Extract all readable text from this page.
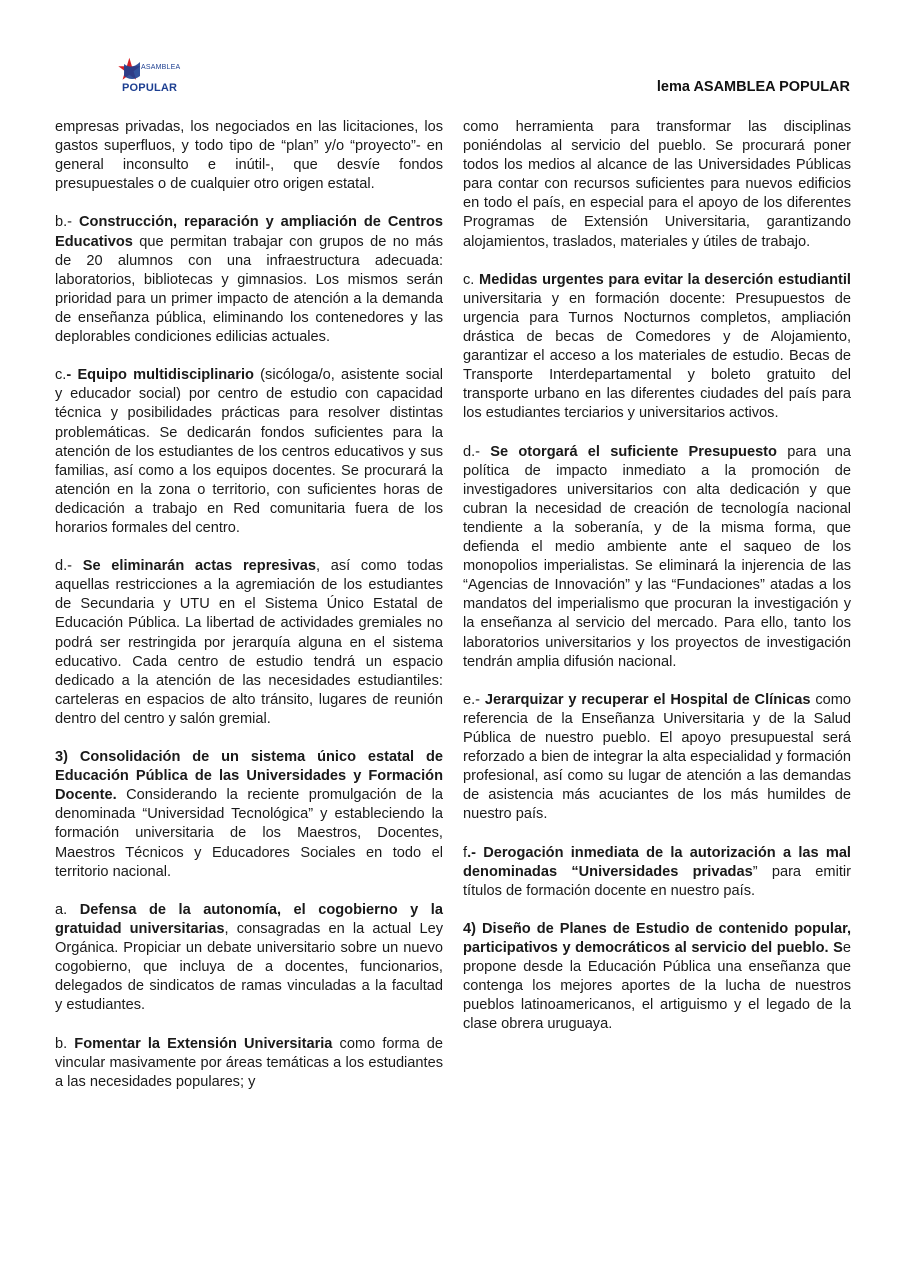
ASAMBLEA
POPULAR	lema ASAMBLEA POPULAR

empresas privadas, los negociados en las licitaciones, los gastos superfluos, y todo tipo de “plan” y/o “proyecto”- en general inconsulto e inútil-, que desvíe fondos presupuestales o de cualquier otro origen estatal.

b.- Construcción, reparación y ampliación de Centros Educativos que permitan trabajar con grupos de no más de 20 alumnos con una infraestructura adecuada: laboratorios, bibliotecas y gimnasios. Los mismos serán prioridad para un primer impacto de atención a la demanda de enseñanza pública, eliminando los contenedores y las deplorables condiciones edilicias actuales.

c.- Equipo multidisciplinario (sicóloga/o, asistente social y educador social) por centro de estudio con capacidad técnica y posibilidades prácticas para resolver distintas problemáticas. Se dedicarán fondos suficientes para la atención de los estudiantes de los centros educativos y sus familias, así como a los equipos docentes. Se procurará la atención en la zona o territorio, con suficientes horas de dedicación a trabajo en Red comunitaria fuera de los horarios formales del centro.

d.- Se eliminarán actas represivas, así como todas aquellas restricciones a la agremiación de los estudiantes de Secundaria y UTU en el Sistema Único Estatal de Educación Pública. La libertad de actividades gremiales no podrá ser restringida por jerarquía alguna en el sistema educativo. Cada centro de estudio tendrá un espacio dedicado a la atención de las necesidades estudiantiles: carteleras en espacios de alto tránsito, lugares de reunión dentro del centro y salón gremial.

3) Consolidación de un sistema único estatal de Educación Pública de las Universidades y Formación Docente. Considerando la reciente promulgación de la denominada “Universidad Tecnológica” y estableciendo la formación universitaria de los Maestros, Docentes, Maestros Técnicos y Educadores Sociales en todo el territorio nacional.

a. Defensa de la autonomía, el cogobierno y la gratuidad universitarias, consagradas en la actual Ley Orgánica. Propiciar un debate universitario sobre un nuevo cogobierno, que incluya de a docentes, funcionarios, delegados de sindicatos de ramas vinculadas a la facultad y estudiantes.

b. Fomentar la Extensión Universitaria como forma de vincular masivamente por áreas temáticas a los estudiantes a las necesidades populares; y

como herramienta para transformar las disciplinas poniéndolas al servicio del pueblo. Se procurará poner todos los medios al alcance de las Universidades Públicas para contar con recursos suficientes para nuevos edificios en todo el país, en especial para el apoyo de los diferentes Programas de Extensión Universitaria, garantizando alojamientos, traslados, materiales y útiles de trabajo.

c. Medidas urgentes para evitar la deserción estudiantil universitaria y en formación docente: Presupuestos de urgencia para Turnos Nocturnos completos, ampliación drástica de becas de Comedores y de Alojamiento, garantizar el acceso a los materiales de estudio. Becas de Transporte Interdepartamental y boleto gratuito del transporte urbano en las diferentes ciudades del país para los estudiantes terciarios y universitarios activos.

d.- Se otorgará el suficiente Presupuesto para una política de impacto inmediato a la promoción de investigadores universitarios con alta dedicación y que cubran la necesidad de creación de tecnología nacional tendiente a la soberanía, y de la misma forma, que defienda el medio ambiente ante el saqueo de los monopolios imperialistas. Se eliminará la injerencia de las “Agencias de Innovación” y las “Fundaciones” atadas a los mandatos del imperialismo que procuran la investigación y la enseñanza al servicio del mercado. Para ello, tanto los laboratorios universitarios y los proyectos de investigación tendrán amplia difusión nacional.

e.- Jerarquizar y recuperar el Hospital de Clínicas como referencia de la Enseñanza Universitaria y de la Salud Pública de nuestro pueblo. El apoyo presupuestal será reforzado a bien de integrar la alta especialidad y formación profesional, así como su lugar de atención a las demandas de asistencia más acuciantes de los más humildes de nuestro país.

f.- Derogación inmediata de la autorización a las mal denominadas “Universidades privadas” para emitir títulos de formación docente en nuestro país.

4) Diseño de Planes de Estudio de contenido popular, participativos y democráticos al servicio del pueblo. Se propone desde la Educación Pública una enseñanza que contenga los mejores aportes de la lucha de nuestros pueblos latinoamericanos, el artiguismo y el legado de la clase obrera uruguaya.
